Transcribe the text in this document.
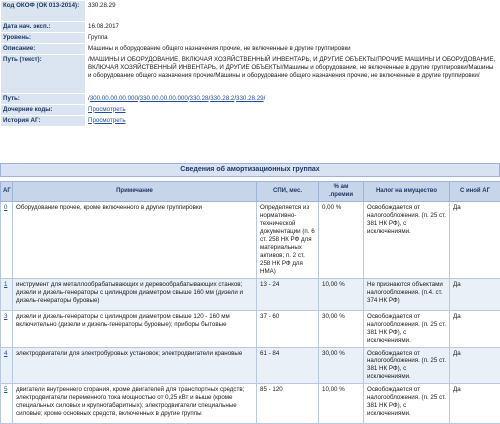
Код ОКОФ (ОК 013-2014):	330.28.29
Дата нач. эксп.:	16.08.2017
Уровень:	Группа
Описание:	Машины и оборудование общего назначения прочие, не включенные в другие группировки
Путь (текст):	/МАШИНЫ И ОБОРУДОВАНИЕ, ВКЛЮЧАЯ ХОЗЯЙСТВЕННЫЙ ИНВЕНТАРЬ, И ДРУГИЕ ОБЪЕКТЫ/ПРОЧИЕ МАШИНЫ И ОБОРУДОВАНИЕ, ВКЛЮЧАЯ ХОЗЯЙСТВЕННЫЙ ИНВЕНТАРЬ, И ДРУГИЕ ОБЪЕКТЫ/Машины и оборудование, не включенные в другие группировки/Машины и оборудование общего назначения прочие/Машины и оборудование общего назначения прочие, не включенные в другие группировки/
Путь:	/300.00.00.00.000/330.00.00.00.000/330.28/330.28.2/330.28.29/
Дочерние коды:	Просмотреть
История АГ:	Просмотреть
Сведения об амортизационных группах
АГ	Примечание	СПИ, мес.	% ам .премии	Налог на имущество	С иной АГ
0	Оборудование прочее, кроме включенного в другие группировки	Определяется из нормативно-технической документации (п. 6 ст. 258 НК РФ для материальных активов; п. 2 ст. 258 НК РФ для НМА)	0,00 %	Освобождается от налогообложения. (п. 25 ст. 381 НК РФ), с исключениями.	Да
1	инструмент для металлообрабатывающих и деревообрабатывающих станков; дизели и дизель-генераторы с цилиндром диаметром свыше 160 мм (дизели и дизель-генераторы буровые)	13 - 24	10,00 %	Не признаются объектами налогообложения. (п.4. ст. 374 НК РФ)	Да
3	дизели и дизель-генераторы с цилиндром диаметром свыше 120 - 160 мм включительно (дизели и дизель-генераторы буровые); приборы бытовые	37 - 60	30,00 %	Освобождается от налогообложения. (п. 25 ст. 381 НК РФ), с исключениями.	Да
4	электродвигатели для электробуровых установок; электродвигатели крановые	61 - 84	30,00 %	Освобождается от налогообложения. (п. 25 ст. 381 НК РФ), с исключениями.	Да
5	двигатели внутреннего сгорания, кроме двигателей для транспортных средств; электродвигатели переменного тока мощностью от 0,25 кВт и выше (кроме специальных силовых и крупногабаритных); электродвигатели специальные силовые; кроме основных средств, включенных в другие группы	85 - 120	10,00 %	Освобождается от налогообложения. (п. 25 ст. 381 НК РФ), с исключениями.	Да
